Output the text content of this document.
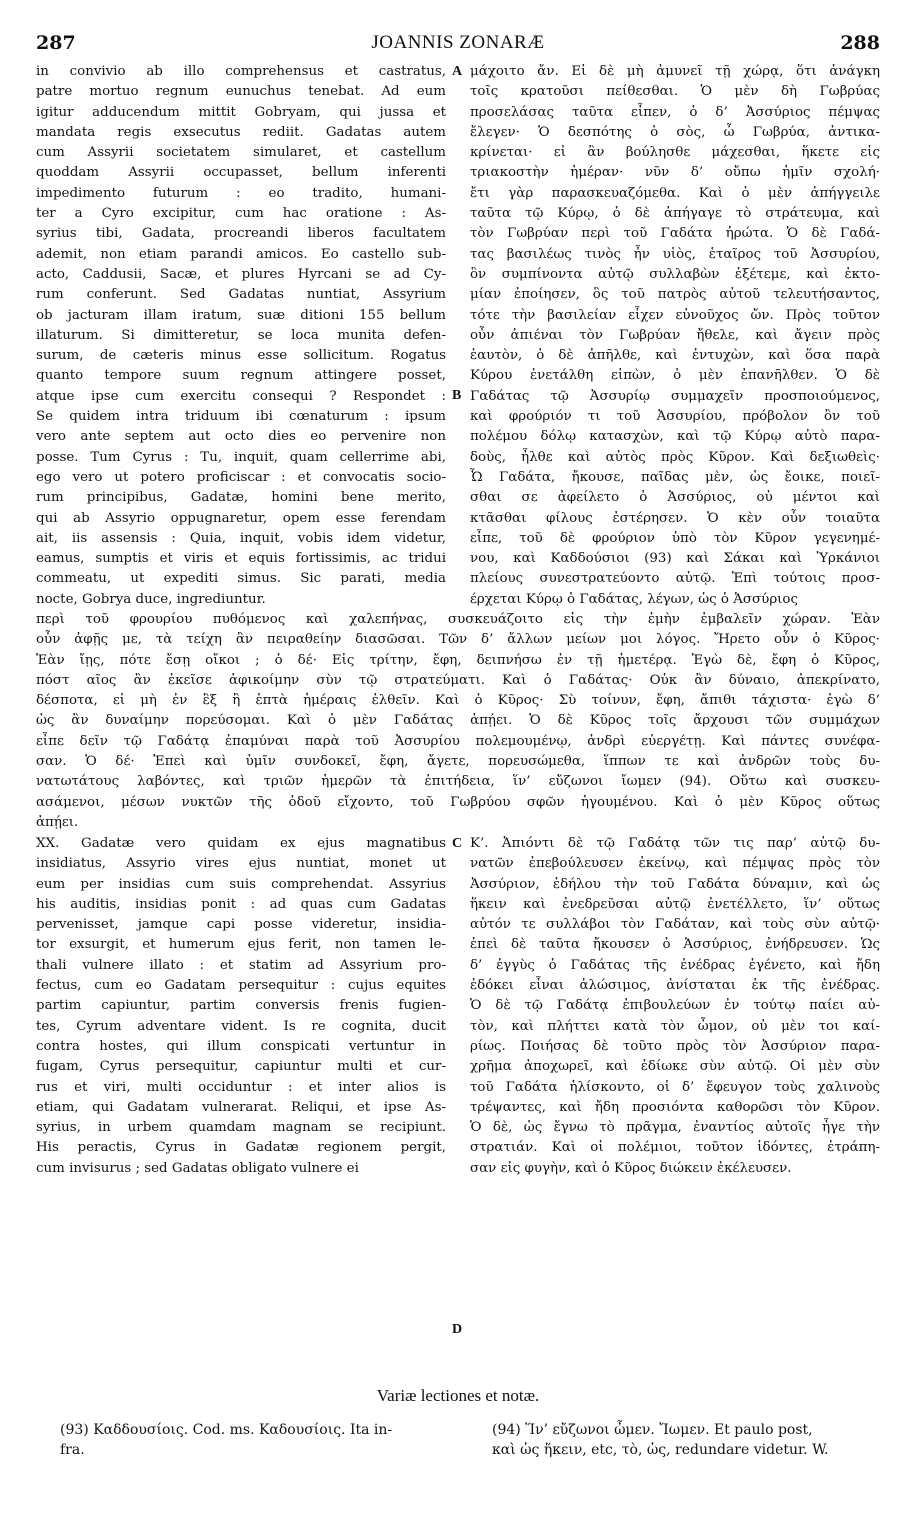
287	JOANNIS ZONARÆ	288

in convivio ab illo comprehensus et castratus,

patre mortuo regnum eunuchus tenebat. Ad eum

igitur adducendum mittit Gobryam, qui jussa et

mandata regis exsecutus rediit. Gadatas autem

cum Assyrii societatem simularet, et castellum

quoddam Assyrii occupasset, bellum inferenti

impedimento futurum : eo tradito, humani-

ter a Cyro excipitur, cum hac oratione : As-

syrius tibi, Gadata, procreandi liberos facultatem

ademit, non etiam parandi amicos. Eo castello sub-

acto, Caddusii, Sacæ, et plures Hyrcani se ad Cy-

rum conferunt. Sed Gadatas nuntiat, Assyrium

ob jacturam illam iratum, suæ ditioni 155 bellum

illaturum. Si dimitteretur, se loca munita defen-

surum, de cæteris minus esse sollicitum. Rogatus

quanto tempore suum regnum attingere posset,

atque ipse cum exercitu consequi ? Respondet :

Se quidem intra triduum ibi cœnaturum : ipsum

vero ante septem aut octo dies eo pervenire non

posse. Tum Cyrus : Tu, inquit, quam cellerrime abi,

ego vero ut potero proficiscar : et convocatis socio-

rum principibus, Gadatæ, homini bene merito,

qui ab Assyrio oppugnaretur, opem esse ferendam

ait, iis assensis : Quia, inquit, vobis idem videtur,

eamus, sumptis et viris et equis fortissimis, ac tridui

commeatu, ut expediti simus. Sic parati, media

nocte, Gobrya duce, ingrediuntur.

μάχοιτο ἄν. Εἰ δὲ μὴ ἀμυνεῖ τῇ χώρᾳ, ὅτι ἀνάγκη

τοῖς κρατοῦσι πείθεσθαι. Ὁ μὲν δὴ Γωβρύας

προσελάσας ταῦτα εἶπεν, ὁ δ’ Ἀσσύριος πέμψας

ἔλεγεν· Ὁ δεσπότης ὁ σὸς, ὦ Γωβρύα, ἀντικα-

κρίνεται· εἰ ἂν βούλησθε μάχεσθαι, ἥκετε εἰς

τριακοστὴν ἡμέραν· νῦν δ’ οὔπω ἡμῖν σχολή·

ἔτι γὰρ παρασκευαζόμεθα. Καὶ ὁ μὲν ἀπήγγειλε

ταῦτα τῷ Κύρῳ, ὁ δὲ ἀπήγαγε τὸ στράτευμα, καὶ

τὸν Γωβρύαν περὶ τοῦ Γαδάτα ἠρώτα. Ὁ δὲ Γαδά-

τας βασιλέως τινὸς ἦν υἱὸς, ἑταῖρος τοῦ Ἀσσυρίου,

ὃν συμπίνοντα αὐτῷ συλλαβὼν ἐξέτεμε, καὶ ἐκτο-

μίαν ἐποίησεν, ὃς τοῦ πατρὸς αὐτοῦ τελευτήσαντος,

τότε τὴν βασιλείαν εἶχεν εὐνοῦχος ὤν. Πρὸς τοῦτον

οὖν ἀπιέναι τὸν Γωβρύαν ἤθελε, καὶ ἄγειν πρὸς

ἑαυτὸν, ὁ δὲ ἀπῆλθε, καὶ ἐντυχὼν, καὶ ὅσα παρὰ

Κύρου ἐνετάλθη εἰπὼν, ὁ μὲν ἐπανῆλθεν. Ὁ δὲ

Γαδάτας τῷ Ἀσσυρίῳ συμμαχεῖν προσποιούμενος,

καὶ φρούριόν τι τοῦ Ἀσσυρίου, πρόβολον ὂν τοῦ

πολέμου δόλῳ κατασχὼν, καὶ τῷ Κύρῳ αὐτὸ παρα-

δοὺς, ἦλθε καὶ αὐτὸς πρὸς Κῦρον. Καὶ δεξιωθεὶς·

Ὦ Γαδάτα, ἤκουσε, παῖδας μὲν, ὡς ἔοικε, ποιεῖ-

σθαι σε ἀφείλετο ὁ Ἀσσύριος, οὐ μέντοι καὶ

κτᾶσθαι φίλους ἐστέρησεν. Ὁ κὲν οὖν τοιαῦτα

εἶπε, τοῦ δὲ φρούριον ὑπὸ τὸν Κῦρον γεγενημέ-

νου, καὶ Καδδούσιοι (93) καὶ Σάκαι καὶ Ὑρκάνιοι

πλείους συνεστρατεύοντο αὐτῷ. Ἐπὶ τούτοις προσ-

έρχεται Κύρῳ ὁ Γαδάτας, λέγων, ὡς ὁ Ἀσσύριος

A
B

περὶ τοῦ φρουρίου πυθόμενος καὶ χαλεπήνας, συσκευάζοιτο εἰς τὴν ἐμὴν ἐμβαλεῖν χώραν. Ἐὰν

οὖν ἀφῇς με, τὰ τείχη ἂν πειραθείην διασῶσαι. Τῶν δ’ ἄλλων μείων μοι λόγος. Ἤρετο οὖν ὁ Κῦρος·

Ἐὰν ἴῃς, πότε ἔσῃ οἴκοι ; ὁ δέ· Εἰς τρίτην, ἔφη, δειπνήσω ἐν τῇ ἡμετέρᾳ. Ἐγὼ δὲ, ἔφη ὁ Κῦρος,

πόστ αῖος ἂν ἐκεῖσε ἀφικοίμην σὺν τῷ στρατεύματι. Καὶ ὁ Γαδάτας· Οὐκ ἂν δύναιο, ἀπεκρίνατο,

δέσποτα, εἰ μὴ ἐν ἓξ ἢ ἑπτὰ ἡμέραις ἐλθεῖν. Καὶ ὁ Κῦρος· Σὺ τοίνυν, ἔφη, ἄπιθι τάχιστα· ἐγὼ δ’

ὡς ἂν δυναίμην πορεύσομαι. Καὶ ὁ μὲν Γαδάτας ἀπῄει. Ὁ δὲ Κῦρος τοῖς ἄρχουσι τῶν συμμάχων

εἶπε δεῖν τῷ Γαδάτᾳ ἐπαμύναι παρὰ τοῦ Ἀσσυρίου πολεμουμένῳ, ἀνδρὶ εὐεργέτῃ. Καὶ πάντες συνέφα-

σαν. Ὁ δέ· Ἐπεὶ καὶ ὑμῖν συνδοκεῖ, ἔφη, ἄγετε, πορευσώμεθα, ἵππων τε καὶ ἀνδρῶν τοὺς δυ-

νατωτάτους λαβόντες, καὶ τριῶν ἡμερῶν τὰ ἐπιτήδεια, ἵν’ εὔζωνοι ἴωμεν (94). Οὕτω καὶ συσκευ-

ασάμενοι, μέσων νυκτῶν τῆς ὁδοῦ εἴχοντο, τοῦ Γωβρύου σφῶν ἡγουμένου. Καὶ ὁ μὲν Κῦρος οὕτως

ἀπῄει.

XX. Gadatæ vero quidam ex ejus magnatibus

insidiatus, Assyrio vires ejus nuntiat, monet ut

eum per insidias cum suis comprehendat. Assyrius

his auditis, insidias ponit : ad quas cum Gadatas

pervenisset, jamque capi posse videretur, insidia-

tor exsurgit, et humerum ejus ferit, non tamen le-

thali vulnere illato : et statim ad Assyrium pro-

fectus, cum eo Gadatam persequitur : cujus equites

partim capiuntur, partim conversis frenis fugien-

tes, Cyrum adventare vident. Is re cognita, ducit

contra hostes, qui illum conspicati vertuntur in

fugam, Cyrus persequitur, capiuntur multi et cur-

rus et viri, multi occiduntur : et inter alios is

etiam, qui Gadatam vulnerarat. Reliqui, et ipse As-

syrius, in urbem quamdam magnam se recipiunt.

His peractis, Cyrus in Gadatæ regionem pergit,

cum invisurus ; sed Gadatas obligato vulnere ei

Κ’. Ἀπιόντι δὲ τῷ Γαδάτᾳ τῶν τις παρ’ αὐτῷ δυ-

νατῶν ἐπεβούλευσεν ἐκείνῳ, καὶ πέμψας πρὸς τὸν

Ἀσσύριον, ἐδήλου τὴν τοῦ Γαδάτα δύναμιν, καὶ ὡς

ἥκειν καὶ ἐνεδρεῦσαι αὐτῷ ἐνετέλλετο, ἵν’ οὕτως

αὐτόν τε συλλάβοι τὸν Γαδάταν, καὶ τοὺς σὺν αὐτῷ·

ἐπεὶ δὲ ταῦτα ἤκουσεν ὁ Ἀσσύριος, ἐνήδρευσεν. Ὡς

δ’ ἐγγὺς ὁ Γαδάτας τῆς ἐνέδρας ἐγένετο, καὶ ἤδη

ἐδόκει εἶναι ἁλώσιμος, ἀνίσταται ἐκ τῆς ἐνέδρας.

Ὁ δὲ τῷ Γαδάτᾳ ἐπιβουλεύων ἐν τούτῳ παίει αὐ-

τὸν, καὶ πλήττει κατὰ τὸν ὦμον, οὐ μὲν τοι καί-

ρίως. Ποιήσας δὲ τοῦτο πρὸς τὸν Ἀσσύριον παρα-

χρῆμα ἀποχωρεῖ, καὶ ἐδίωκε σὺν αὐτῷ. Οἱ μὲν σὺν

τοῦ Γαδάτα ἡλίσκοντο, οἱ δ’ ἔφευγον τοὺς χαλινοὺς

τρέψαντες, καὶ ἤδη προσιόντα καθορῶσι τὸν Κῦρον.

Ὁ δὲ, ὡς ἔγνω τὸ πρᾶγμα, ἐναντίος αὐτοῖς ἦγε τὴν

στρατιάν. Καὶ οἱ πολέμιοι, τοῦτον ἰδόντες, ἐτράπη-

σαν εἰς φυγὴν, καὶ ὁ Κῦρος διώκειν ἐκέλευσεν.

C
D
Variæ lectiones et notæ.

(93) Καδδουσίοις. Cod. ms. Καδουσίοις. Ita in-

fra.

(94) Ἵν’ εὔζωνοι ὦμεν. Ἴωμεν. Et paulo post,

καὶ ὡς ἥκειν, etc, τὸ, ὡς, redundare videtur. W.
